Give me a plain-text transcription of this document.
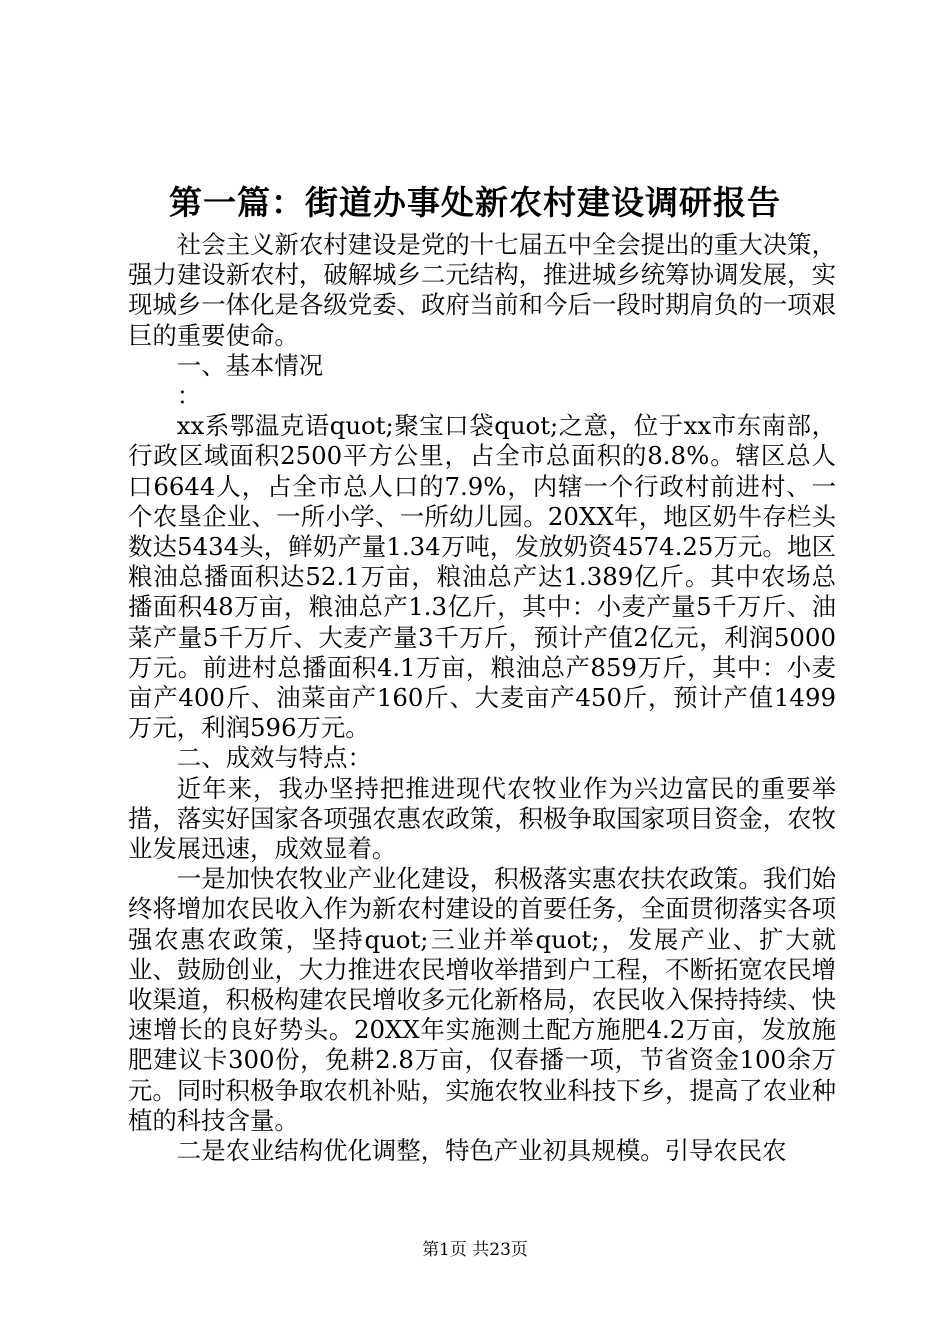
第一篇：街道办事处新农村建设调研报告

社会主义新农村建设是党的十七届五中全会提出的重大决策，强力建设新农村，破解城乡二元结构，推进城乡统筹协调发展，实现城乡一体化是各级党委、政府当前和今后一段时期肩负的一项艰巨的重要使命。

一、基本情况

：

xx系鄂温克语quot;聚宝口袋quot;之意，位于xx市东南部，行政区域面积2500平方公里，占全市总面积的8.8%。辖区总人口6644人，占全市总人口的7.9%，内辖一个行政村前进村、一个农垦企业、一所小学、一所幼儿园。20XX年，地区奶牛存栏头数达5434头，鲜奶产量1.34万吨，发放奶资4574.25万元。地区粮油总播面积达52.1万亩，粮油总产达1.389亿斤。其中农场总播面积48万亩，粮油总产1.3亿斤，其中：小麦产量5千万斤、油菜产量5千万斤、大麦产量3千万斤，预计产值2亿元，利润5000万元。前进村总播面积4.1万亩，粮油总产859万斤，其中：小麦亩产400斤、油菜亩产160斤、大麦亩产450斤，预计产值1499万元，利润596万元。

二、成效与特点：

近年来，我办坚持把推进现代农牧业作为兴边富民的重要举措，落实好国家各项强农惠农政策，积极争取国家项目资金，农牧业发展迅速，成效显着。

一是加快农牧业产业化建设，积极落实惠农扶农政策。我们始终将增加农民收入作为新农村建设的首要任务，全面贯彻落实各项强农惠农政策，坚持quot;三业并举quot;，发展产业、扩大就业、鼓励创业，大力推进农民增收举措到户工程，不断拓宽农民增收渠道，积极构建农民增收多元化新格局，农民收入保持持续、快速增长的良好势头。20XX年实施测土配方施肥4.2万亩，发放施肥建议卡300份，免耕2.8万亩，仅春播一项，节省资金100余万元。同时积极争取农机补贴，实施农牧业科技下乡，提高了农业种植的科技含量。

二是农业结构优化调整，特色产业初具规模。引导农民农

第1页 共23页
